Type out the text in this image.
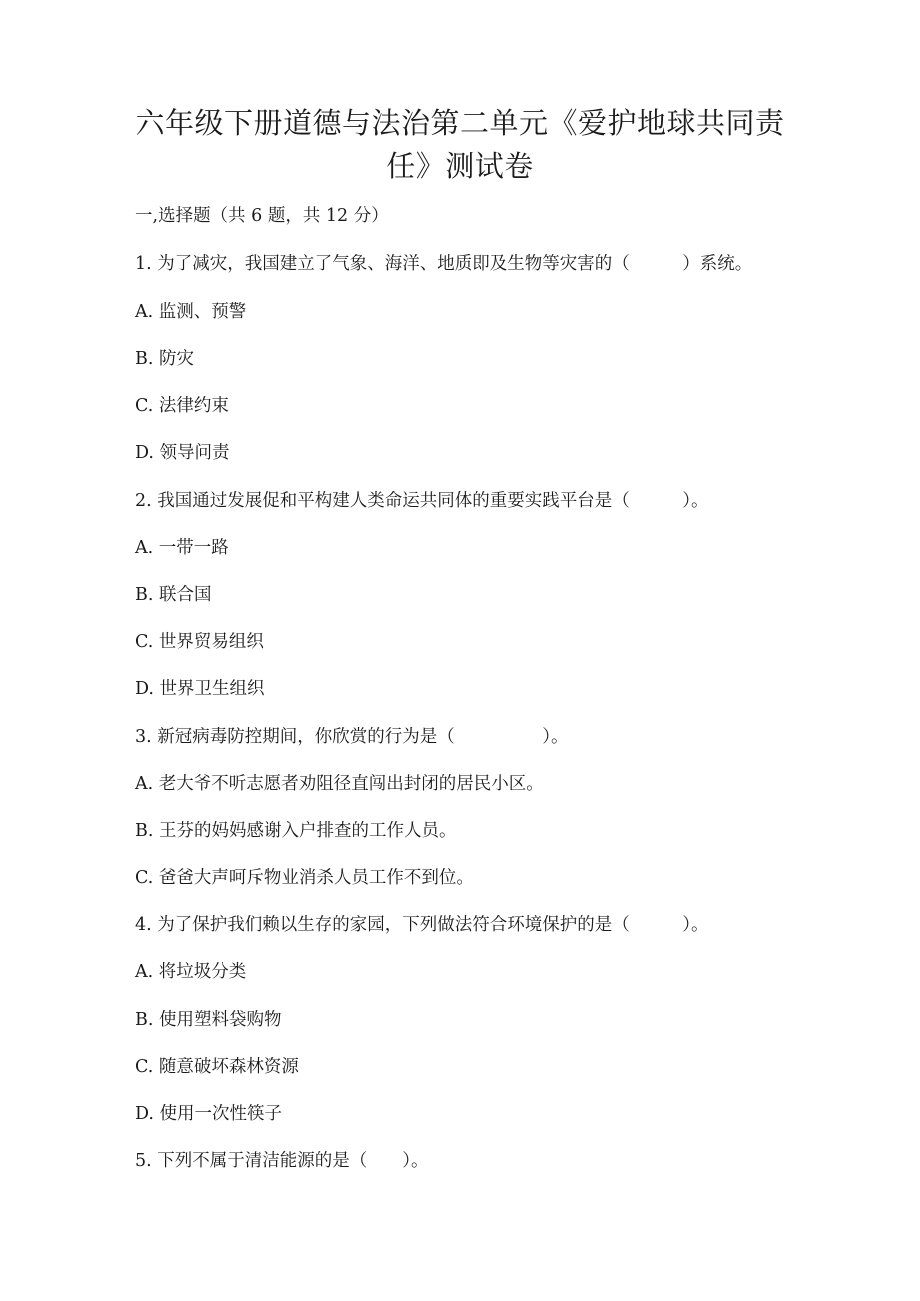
六年级下册道德与法治第二单元《爱护地球共同责
任》测试卷
一,选择题（共 6 题，共 12 分）
1. 为了减灾，我国建立了气象、海洋、地质即及生物等灾害的（　　　）系统。
A. 监测、预警
B. 防灾
C. 法律约束
D. 领导问责
2. 我国通过发展促和平构建人类命运共同体的重要实践平台是（　　　）。
A. 一带一路
B. 联合国
C. 世界贸易组织
D. 世界卫生组织
3. 新冠病毒防控期间，你欣赏的行为是（　　　　　）。
A. 老大爷不听志愿者劝阻径直闯出封闭的居民小区。
B. 王芬的妈妈感谢入户排查的工作人员。
C. 爸爸大声呵斥物业消杀人员工作不到位。
4. 为了保护我们赖以生存的家园，下列做法符合环境保护的是（　　　）。
A. 将垃圾分类
B. 使用塑料袋购物
C. 随意破坏森林资源
D. 使用一次性筷子
5. 下列不属于清洁能源的是（　　）。
